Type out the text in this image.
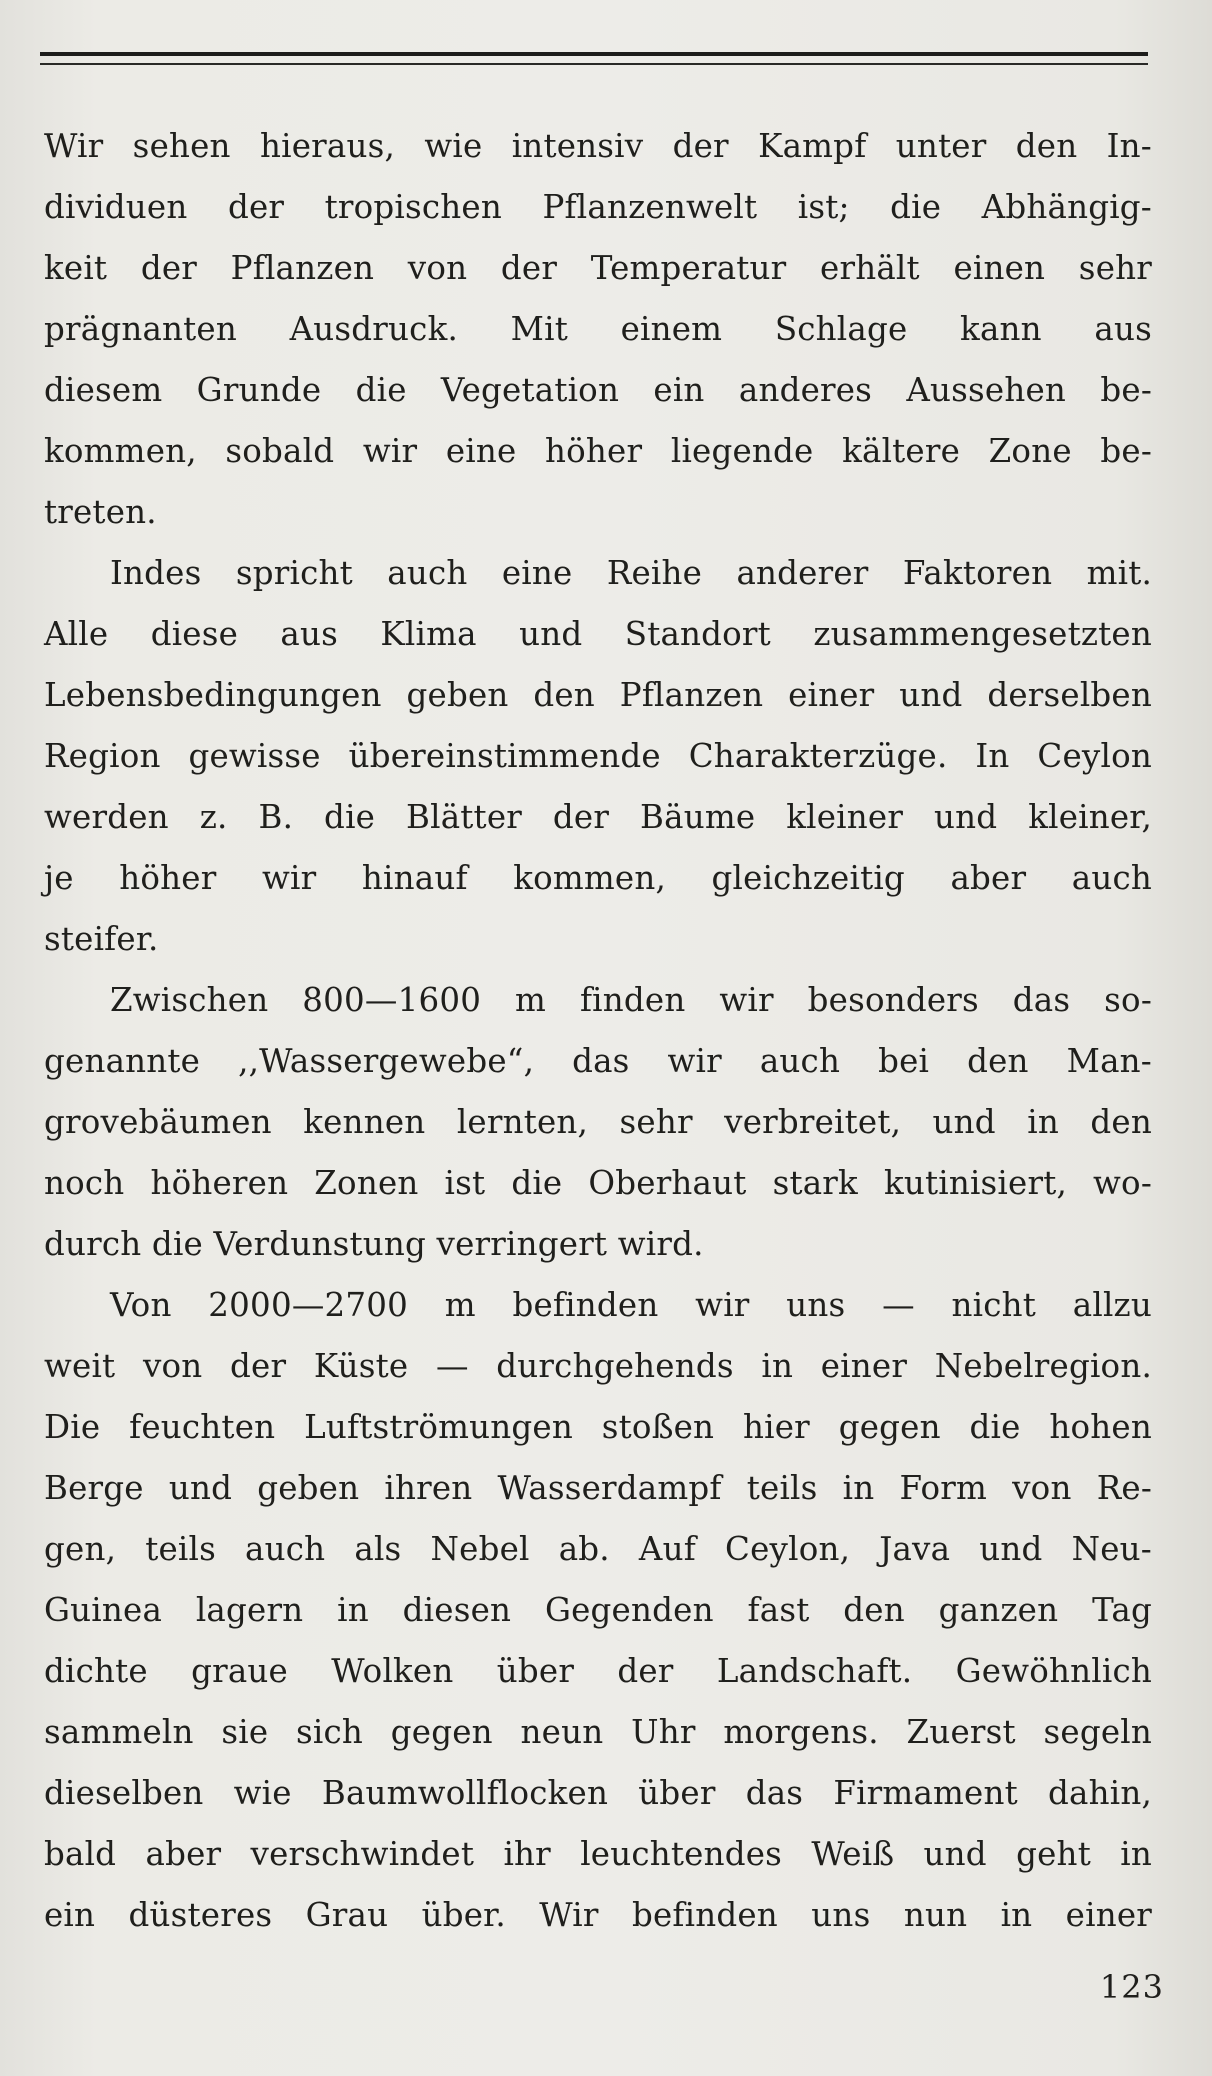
Wir sehen hieraus, wie intensiv der Kampf unter den In-
dividuen der tropischen Pflanzenwelt ist; die Abhängig-
keit der Pflanzen von der Temperatur erhält einen sehr
prägnanten Ausdruck. Mit einem Schlage kann aus
diesem Grunde die Vegetation ein anderes Aussehen be-
kommen, sobald wir eine höher liegende kältere Zone be-
treten.
Indes spricht auch eine Reihe anderer Faktoren mit.
Alle diese aus Klima und Standort zusammengesetzten
Lebensbedingungen geben den Pflanzen einer und derselben
Region gewisse übereinstimmende Charakterzüge. In Ceylon
werden z. B. die Blätter der Bäume kleiner und kleiner,
je höher wir hinauf kommen, gleichzeitig aber auch
steifer.
Zwischen 800—1600 m finden wir besonders das so-
genannte ,,Wassergewebe“, das wir auch bei den Man-
grovebäumen kennen lernten, sehr verbreitet, und in den
noch höheren Zonen ist die Oberhaut stark kutinisiert, wo-
durch die Verdunstung verringert wird.
Von 2000—2700 m befinden wir uns — nicht allzu
weit von der Küste — durchgehends in einer Nebelregion.
Die feuchten Luftströmungen stoßen hier gegen die hohen
Berge und geben ihren Wasserdampf teils in Form von Re-
gen, teils auch als Nebel ab. Auf Ceylon, Java und Neu-
Guinea lagern in diesen Gegenden fast den ganzen Tag
dichte graue Wolken über der Landschaft. Gewöhnlich
sammeln sie sich gegen neun Uhr morgens. Zuerst segeln
dieselben wie Baumwollflocken über das Firmament dahin,
bald aber verschwindet ihr leuchtendes Weiß und geht in
ein düsteres Grau über. Wir befinden uns nun in einer
123
